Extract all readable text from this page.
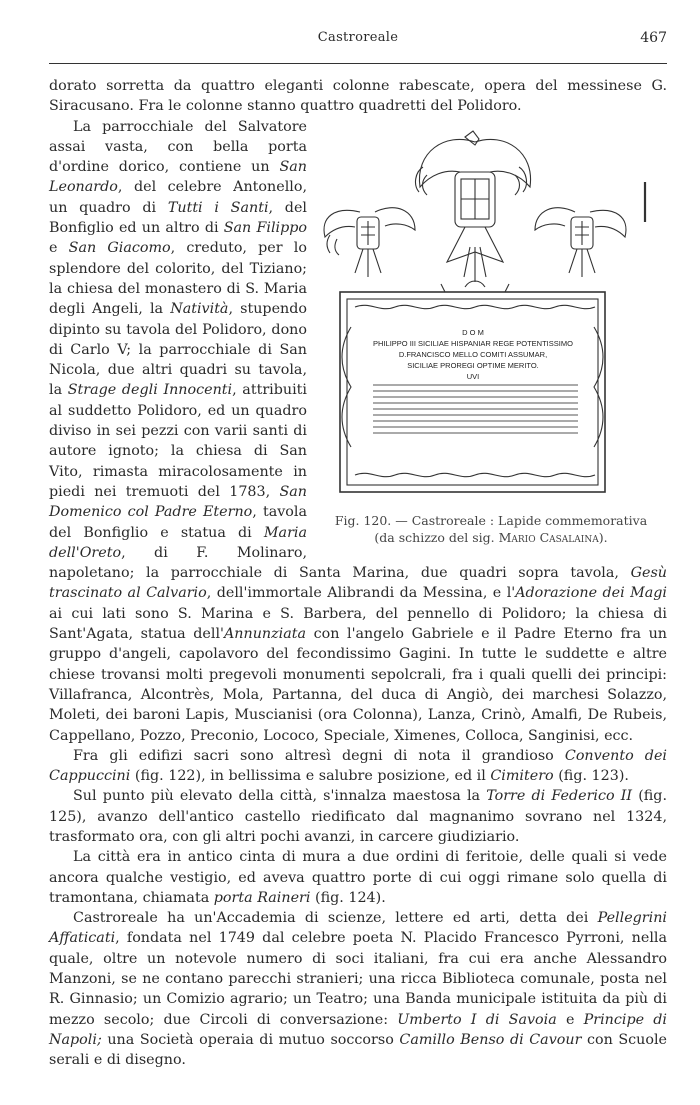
Castroreale	467

dorato sorretta da quattro eleganti colonne rabescate, opera del messinese G. Siracusano. Fra le colonne stanno quattro quadretti del Polidoro.

D O M
PHILIPPO III SICILIAE HISPANIAR REGE POTENTISSIMO
D.FRANCISCO MELLO COMITI ASSUMAR,
SICILIAE PROREGI OPTIME MERITO.
UVI
Fig. 120. — Castroreale : Lapide commemorativa
(da schizzo del sig. Mario Casalaina).

La parrocchiale del Salvatore assai vasta, con bella porta d'ordine dorico, contiene un San Leonardo, del celebre Antonello, un quadro di Tutti i Santi, del Bonfiglio ed un altro di San Filippo e San Giacomo, creduto, per lo splendore del colorito, del Tiziano; la chiesa del monastero di S. Maria degli Angeli, la Natività, stupendo dipinto su tavola del Polidoro, dono di Carlo V; la parrocchiale di San Nicola, due altri quadri su tavola, la Strage degli Innocenti, attribuiti al suddetto Polidoro, ed un quadro diviso in sei pezzi con varii santi di autore ignoto; la chiesa di San Vito, rimasta miracolosamente in piedi nei tremuoti del 1783, San Domenico col Padre Eterno, tavola del Bonfiglio e statua di Maria dell'Oreto, di F. Molinaro, napoletano; la parrocchiale di Santa Marina, due quadri sopra tavola, Gesù trascinato al Calvario, dell'immortale Alibrandi da Messina, e l'Adorazione dei Magi ai cui lati sono S. Marina e S. Barbera, del pennello di Polidoro; la chiesa di Sant'Agata, statua dell'Annunziata con l'angelo Gabriele e il Padre Eterno fra un gruppo d'angeli, capolavoro del fecondissimo Gagini. In tutte le suddette e altre chiese trovansi molti pregevoli monumenti sepolcrali, fra i quali quelli dei principi: Villafranca, Alcontrès, Mola, Partanna, del duca di Angiò, dei marchesi Solazzo, Moleti, dei baroni Lapis, Muscianisi (ora Colonna), Lanza, Crinò, Amalfi, De Rubeis, Cappellano, Pozzo, Preconio, Lococo, Speciale, Ximenes, Colloca, Sanginisi, ecc.

Fra gli edifizi sacri sono altresì degni di nota il grandioso Convento dei Cappuccini (fig. 122), in bellissima e salubre posizione, ed il Cimitero (fig. 123).

Sul punto più elevato della città, s'innalza maestosa la Torre di Federico II (fig. 125), avanzo dell'antico castello riedificato dal magnanimo sovrano nel 1324, trasformato ora, con gli altri pochi avanzi, in carcere giudiziario.

La città era in antico cinta di mura a due ordini di feritoie, delle quali si vede ancora qualche vestigio, ed aveva quattro porte di cui oggi rimane solo quella di tramontana, chiamata porta Raineri (fig. 124).

Castroreale ha un'Accademia di scienze, lettere ed arti, detta dei Pellegrini Affaticati, fondata nel 1749 dal celebre poeta N. Placido Francesco Pyrroni, nella quale, oltre un notevole numero di soci italiani, fra cui era anche Alessandro Manzoni, se ne contano parecchi stranieri; una ricca Biblioteca comunale, posta nel R. Ginnasio; un Comizio agrario; un Teatro; una Banda municipale istituita da più di mezzo secolo; due Circoli di conversazione: Umberto I di Savoia e Principe di Napoli; una Società operaia di mutuo soccorso Camillo Benso di Cavour con Scuole serali e di disegno.
